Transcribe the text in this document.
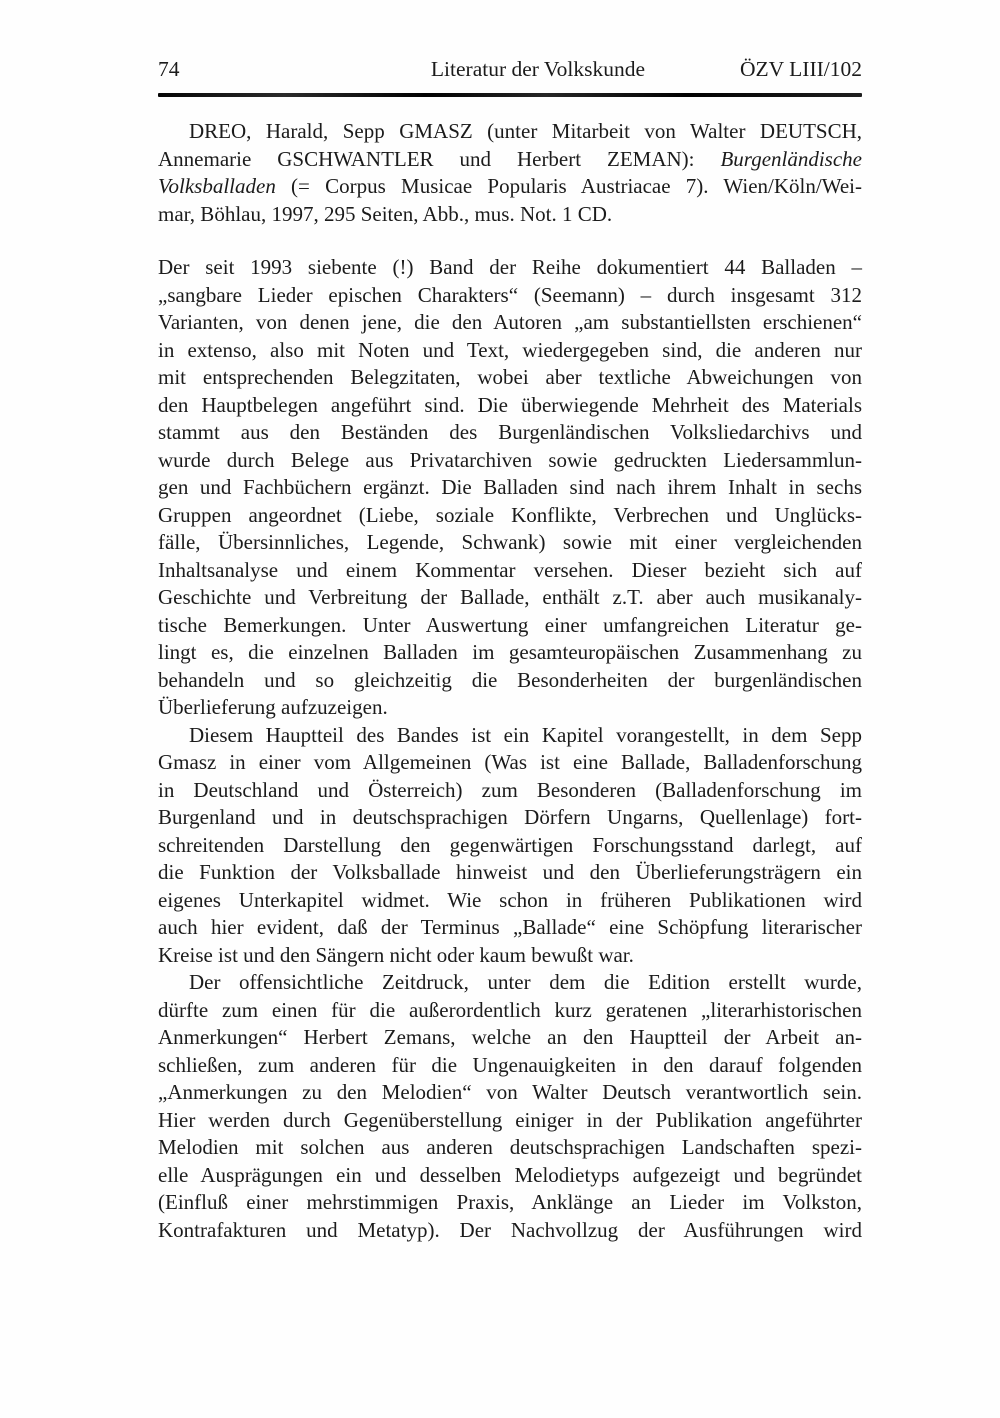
74	Literatur der Volkskunde	ÖZV LIII/102
DREO, Harald, Sepp GMASZ (unter Mitarbeit von Walter DEUTSCH,
Annemarie GSCHWANTLER und Herbert ZEMAN): Burgenländische
Volksballaden (= Corpus Musicae Popularis Austriacae 7). Wien/Köln/Wei-
mar, Böhlau, 1997, 295 Seiten, Abb., mus. Not. 1 CD.
Der seit 1993 siebente (!) Band der Reihe dokumentiert 44 Balladen –
„sangbare Lieder epischen Charakters“ (Seemann) – durch insgesamt 312
Varianten, von denen jene, die den Autoren „am substantiellsten erschienen“
in extenso, also mit Noten und Text, wiedergegeben sind, die anderen nur
mit entsprechenden Belegzitaten, wobei aber textliche Abweichungen von
den Hauptbelegen angeführt sind. Die überwiegende Mehrheit des Materials
stammt aus den Beständen des Burgenländischen Volksliedarchivs und
wurde durch Belege aus Privatarchiven sowie gedruckten Liedersammlun-
gen und Fachbüchern ergänzt. Die Balladen sind nach ihrem Inhalt in sechs
Gruppen angeordnet (Liebe, soziale Konflikte, Verbrechen und Unglücks-
fälle, Übersinnliches, Legende, Schwank) sowie mit einer vergleichenden
Inhaltsanalyse und einem Kommentar versehen. Dieser bezieht sich auf
Geschichte und Verbreitung der Ballade, enthält z.T. aber auch musikanaly-
tische Bemerkungen. Unter Auswertung einer umfangreichen Literatur ge-
lingt es, die einzelnen Balladen im gesamteuropäischen Zusammenhang zu
behandeln und so gleichzeitig die Besonderheiten der burgenländischen
Überlieferung aufzuzeigen.
Diesem Hauptteil des Bandes ist ein Kapitel vorangestellt, in dem Sepp
Gmasz in einer vom Allgemeinen (Was ist eine Ballade, Balladenforschung
in Deutschland und Österreich) zum Besonderen (Balladenforschung im
Burgenland und in deutschsprachigen Dörfern Ungarns, Quellenlage) fort-
schreitenden Darstellung den gegenwärtigen Forschungsstand darlegt, auf
die Funktion der Volksballade hinweist und den Überlieferungsträgern ein
eigenes Unterkapitel widmet. Wie schon in früheren Publikationen wird
auch hier evident, daß der Terminus „Ballade“ eine Schöpfung literarischer
Kreise ist und den Sängern nicht oder kaum bewußt war.
Der offensichtliche Zeitdruck, unter dem die Edition erstellt wurde,
dürfte zum einen für die außerordentlich kurz geratenen „literarhistorischen
Anmerkungen“ Herbert Zemans, welche an den Hauptteil der Arbeit an-
schließen, zum anderen für die Ungenauigkeiten in den darauf folgenden
„Anmerkungen zu den Melodien“ von Walter Deutsch verantwortlich sein.
Hier werden durch Gegenüberstellung einiger in der Publikation angeführter
Melodien mit solchen aus anderen deutschsprachigen Landschaften spezi-
elle Ausprägungen ein und desselben Melodietyps aufgezeigt und begründet
(Einfluß einer mehrstimmigen Praxis, Anklänge an Lieder im Volkston,
Kontrafakturen und Metatyp). Der Nachvollzug der Ausführungen wird
